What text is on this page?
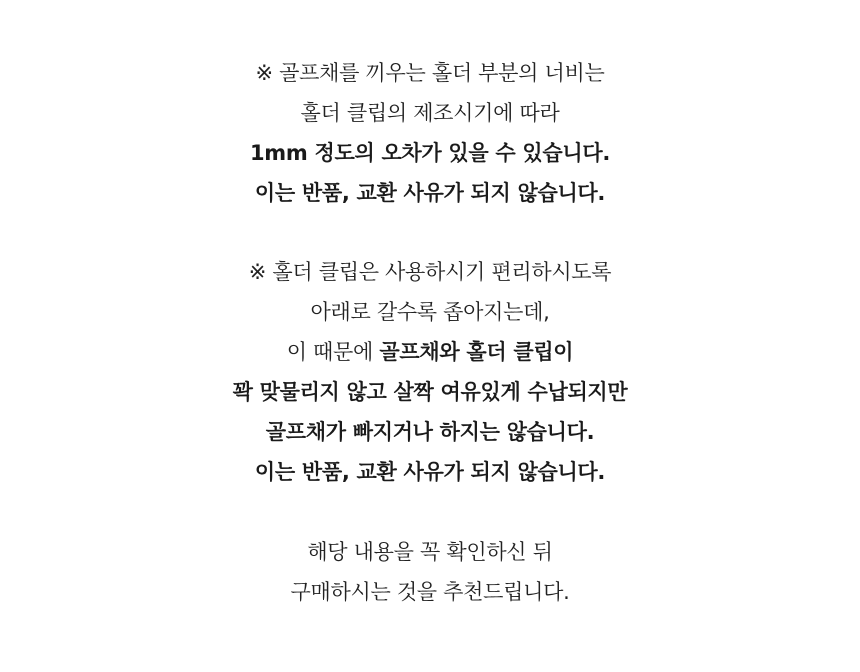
※ 골프채를 끼우는 홀더 부분의 너비는
홀더 클립의 제조시기에 따라
1mm 정도의 오차가 있을 수 있습니다.
이는 반품, 교환 사유가 되지 않습니다.
※ 홀더 클립은 사용하시기 편리하시도록
아래로 갈수록 좁아지는데,
이 때문에 골프채와 홀더 클립이
꽉 맞물리지 않고 살짝 여유있게 수납되지만
골프채가 빠지거나 하지는 않습니다.
이는 반품, 교환 사유가 되지 않습니다.
해당 내용을 꼭 확인하신 뒤
구매하시는 것을 추천드립니다.
